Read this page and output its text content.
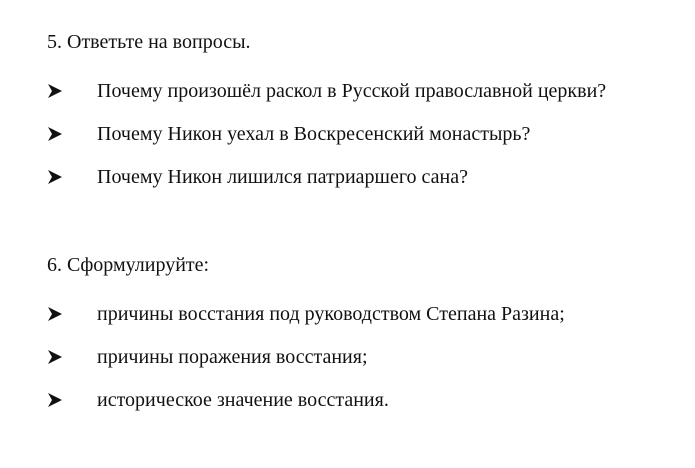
5. Ответьте на вопросы.
Почему произошёл раскол в Русской православной церкви?
Почему Никон уехал в Воскресенский монастырь?
Почему Никон лишился патриаршего сана?
6. Сформулируйте:
причины восстания под руководством Степана Разина;
причины поражения восстания;
историческое значение восстания.
